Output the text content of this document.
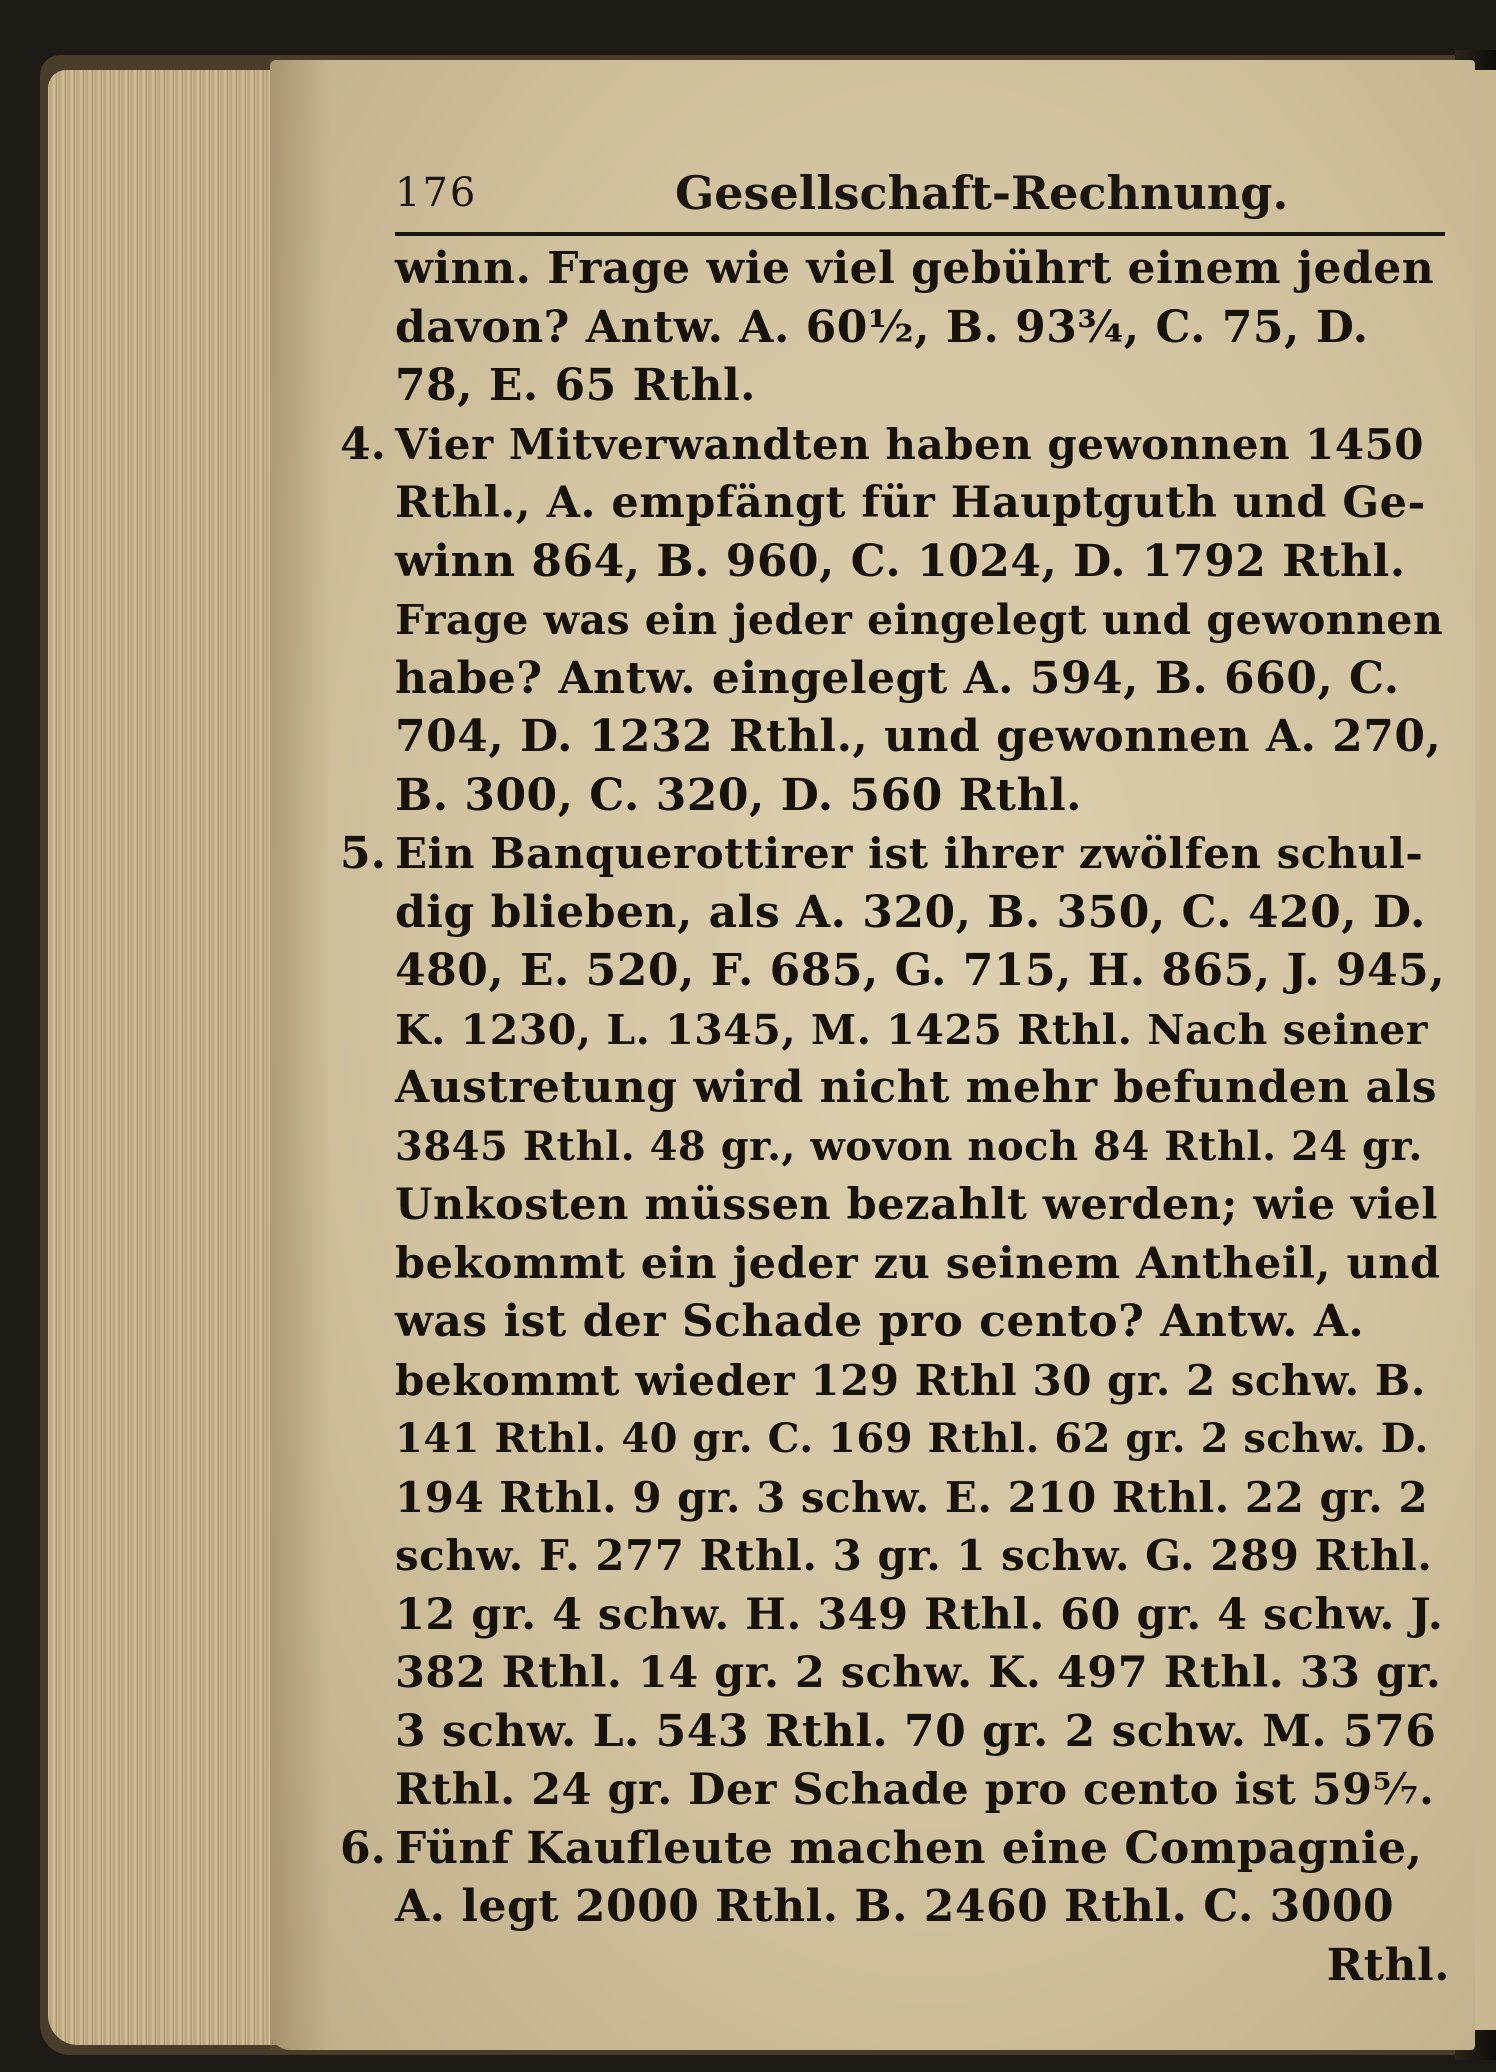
176	Gesellschaft-Rechnung.
winn. Frage wie viel gebührt einem jeden
davon? Antw. A. 60½, B. 93¾, C. 75, D.
78, E. 65 Rthl.
4. Vier Mitverwandten haben gewonnen 1450
Rthl., A. empfängt für Hauptguth und Ge-
winn 864, B. 960, C. 1024, D. 1792 Rthl.
Frage was ein jeder eingelegt und gewonnen
habe? Antw. eingelegt A. 594, B. 660, C.
704, D. 1232 Rthl., und gewonnen A. 270,
B. 300, C. 320, D. 560 Rthl.
5. Ein Banquerottirer ist ihrer zwölfen schul-
dig blieben, als A. 320, B. 350, C. 420, D.
480, E. 520, F. 685, G. 715, H. 865, J. 945,
K. 1230, L. 1345, M. 1425 Rthl. Nach seiner
Austretung wird nicht mehr befunden als
3845 Rthl. 48 gr., wovon noch 84 Rthl. 24 gr.
Unkosten müssen bezahlt werden; wie viel
bekommt ein jeder zu seinem Antheil, und
was ist der Schade pro cento? Antw. A.
bekommt wieder 129 Rthl 30 gr. 2 schw. B.
141 Rthl. 40 gr. C. 169 Rthl. 62 gr. 2 schw. D.
194 Rthl. 9 gr. 3 schw. E. 210 Rthl. 22 gr. 2
schw. F. 277 Rthl. 3 gr. 1 schw. G. 289 Rthl.
12 gr. 4 schw. H. 349 Rthl. 60 gr. 4 schw. J.
382 Rthl. 14 gr. 2 schw. K. 497 Rthl. 33 gr.
3 schw. L. 543 Rthl. 70 gr. 2 schw. M. 576
Rthl. 24 gr. Der Schade pro cento ist 59⁵⁄₇.
6. Fünf Kaufleute machen eine Compagnie,
A. legt 2000 Rthl. B. 2460 Rthl. C. 3000
Rthl.
